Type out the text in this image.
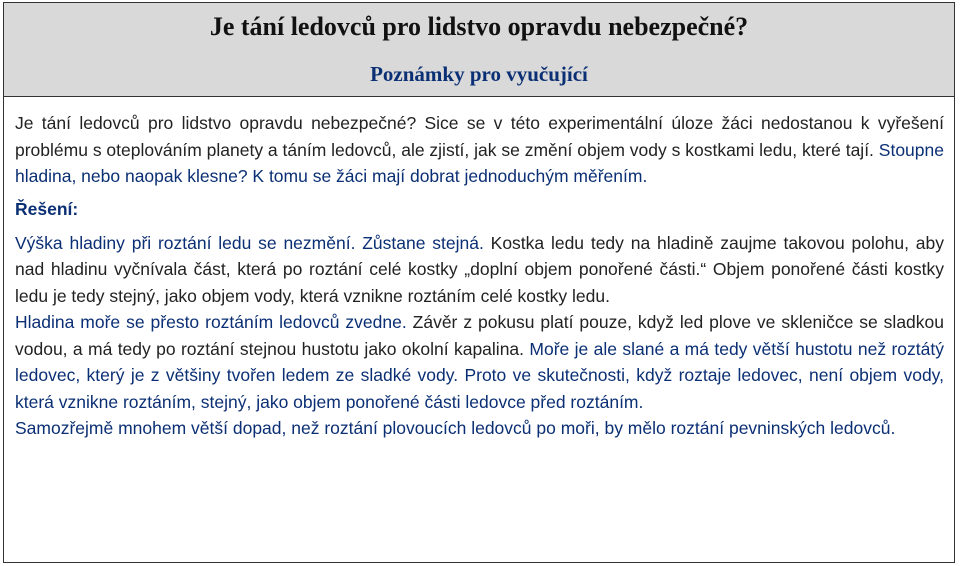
Je tání ledovců pro lidstvo opravdu nebezpečné?
Poznámky pro vyučující

Je tání ledovců pro lidstvo opravdu nebezpečné? Sice se v této experimentální úloze žáci nedostanou k vyřešení problému s oteplováním planety a táním ledovců, ale zjistí, jak se změní objem vody s kostkami ledu, které tají. Stoupne hladina, nebo naopak klesne? K tomu se žáci mají dobrat jednoduchým měřením.

Řešení:

Výška hladiny při roztání ledu se nezmění. Zůstane stejná. Kostka ledu tedy na hladině zaujme takovou polohu, aby nad hladinu vyčnívala část, která po roztání celé kostky „doplní objem ponořené části.“ Objem ponořené části kostky ledu je tedy stejný, jako objem vody, která vznikne roztáním celé kostky ledu.
Hladina moře se přesto roztáním ledovců zvedne. Závěr z pokusu platí pouze, když led plove ve skleničce se sladkou vodou, a má tedy po roztání stejnou hustotu jako okolní kapalina. Moře je ale slané a má tedy větší hustotu než roztátý ledovec, který je z většiny tvořen ledem ze sladké vody. Proto ve skutečnosti, když roztaje ledovec, není objem vody, která vznikne roztáním, stejný, jako objem ponořené části ledovce před roztáním.
Samozřejmě mnohem větší dopad, než roztání plovoucích ledovců po moři, by mělo roztání pevninských ledovců.
